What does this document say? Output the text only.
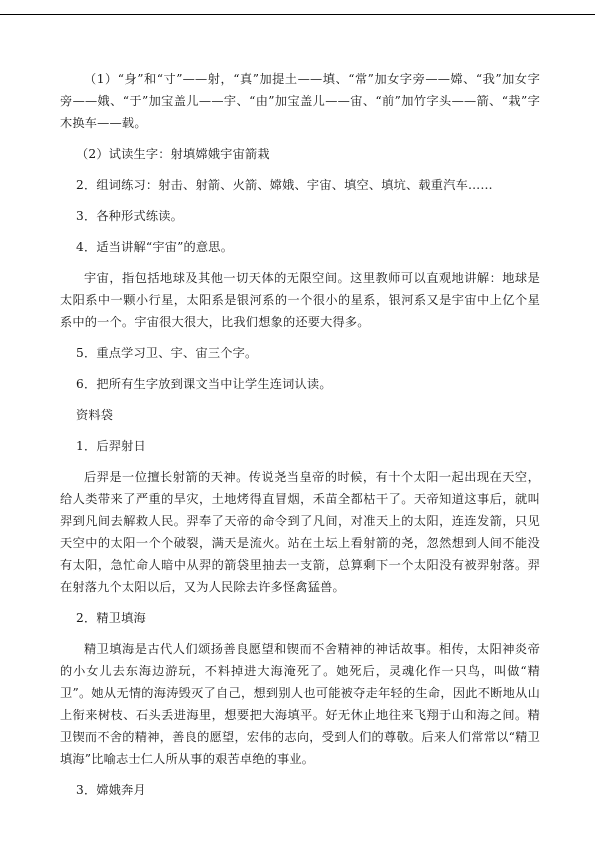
（1）“身”和“寸”——射，“真”加提土——填、“常”加女字旁——嫦、“我”加女字旁——娥、“于”加宝盖儿——宇、“由”加宝盖儿——宙、“前”加竹字头——箭、“栽”字木换车——载。

（2）试读生字：射填嫦娥宇宙箭栽

2．组词练习：射击、射箭、火箭、嫦娥、宇宙、填空、填坑、载重汽车……

3．各种形式练读。

4．适当讲解“宇宙”的意思。

宇宙，指包括地球及其他一切天体的无限空间。这里教师可以直观地讲解：地球是太阳系中一颗小行星，太阳系是银河系的一个很小的星系，银河系又是宇宙中上亿个星系中的一个。宇宙很大很大，比我们想象的还要大得多。

5．重点学习卫、宇、宙三个字。

6．把所有生字放到课文当中让学生连词认读。

资料袋

1．后羿射日

后羿是一位擅长射箭的天神。传说尧当皇帝的时候，有十个太阳一起出现在天空，给人类带来了严重的旱灾，土地烤得直冒烟，禾苗全都枯干了。天帝知道这事后，就叫羿到凡间去解救人民。羿奉了天帝的命令到了凡间，对准天上的太阳，连连发箭，只见天空中的太阳一个个破裂，满天是流火。站在土坛上看射箭的尧，忽然想到人间不能没有太阳，急忙命人暗中从羿的箭袋里抽去一支箭，总算剩下一个太阳没有被羿射落。羿在射落九个太阳以后，又为人民除去许多怪禽猛兽。

2．精卫填海

精卫填海是古代人们颂扬善良愿望和锲而不舍精神的神话故事。相传，太阳神炎帝的小女儿去东海边游玩，不料掉进大海淹死了。她死后，灵魂化作一只鸟，叫做“精卫”。她从无情的海涛毁灭了自己，想到别人也可能被夺走年轻的生命，因此不断地从山上衔来树枝、石头丢进海里，想要把大海填平。好无休止地往来飞翔于山和海之间。精卫锲而不舍的精神，善良的愿望，宏伟的志向，受到人们的尊敬。后来人们常常以“精卫填海”比喻志士仁人所从事的艰苦卓绝的事业。

3．嫦娥奔月
